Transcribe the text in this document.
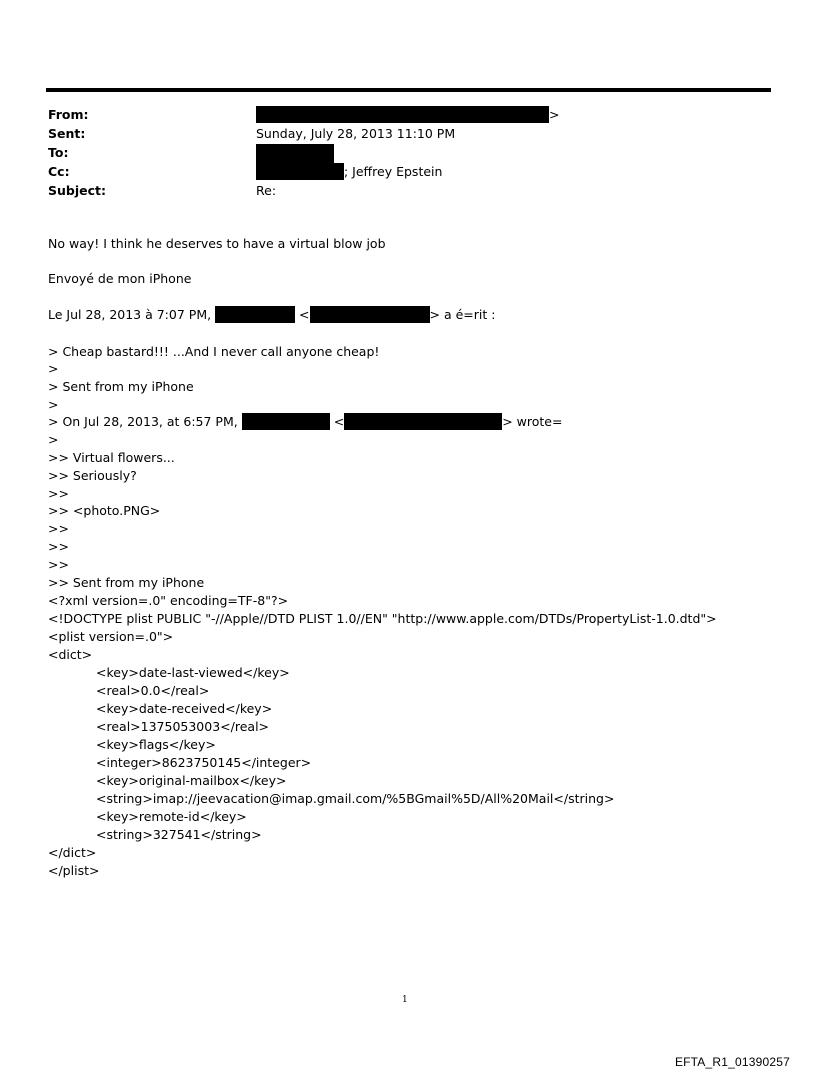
From:	>
Sent:	Sunday, July 28, 2013 11:10 PM
To:
Cc:	; Jeffrey Epstein
Subject:	Re:
No way! I think he deserves to have a virtual blow job
Envoyé de mon iPhone
Le Jul 28, 2013 à 7:07 PM,	<	> a é=rit :
> Cheap bastard!!! ...And I never call anyone cheap!
>
> Sent from my iPhone
>
> On Jul 28, 2013, at 6:57 PM,	<	> wrote=
>
>> Virtual flowers...
>> Seriously?
>>
>> <photo.PNG>
>>
>>
>>
>> Sent from my iPhone
<?xml version=.0" encoding=TF-8"?>
<!DOCTYPE plist PUBLIC "-//Apple//DTD PLIST 1.0//EN" "http://www.apple.com/DTDs/PropertyList-1.0.dtd">
<plist version=.0">
<dict>
<key>date-last-viewed</key>
<real>0.0</real>
<key>date-received</key>
<real>1375053003</real>
<key>flags</key>
<integer>8623750145</integer>
<key>original-mailbox</key>
<string>imap://jeevacation@imap.gmail.com/%5BGmail%5D/All%20Mail</string>
<key>remote-id</key>
<string>327541</string>
</dict>
</plist>
1
EFTA_R1_01390257
